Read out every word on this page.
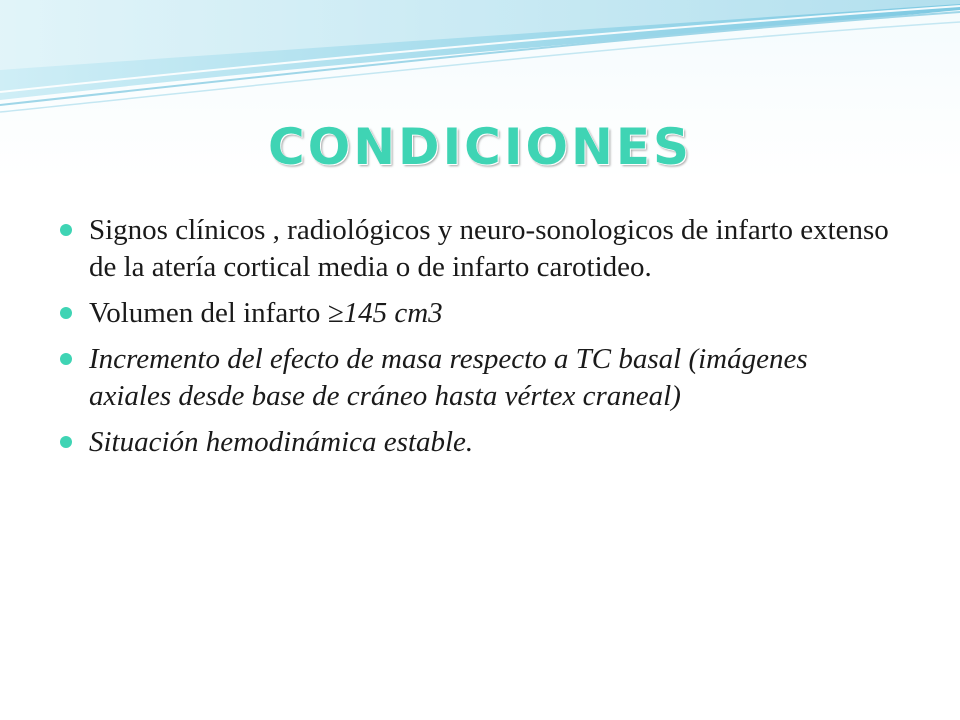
CONDICIONES
Signos clínicos , radiológicos y neuro-sonologicos de infarto extenso de la atería cortical media o de infarto carotideo.
Volumen del infarto ≥145 cm3
Incremento del efecto de masa respecto a TC basal (imágenes axiales desde base de cráneo hasta vértex craneal)
Situación hemodinámica estable.
